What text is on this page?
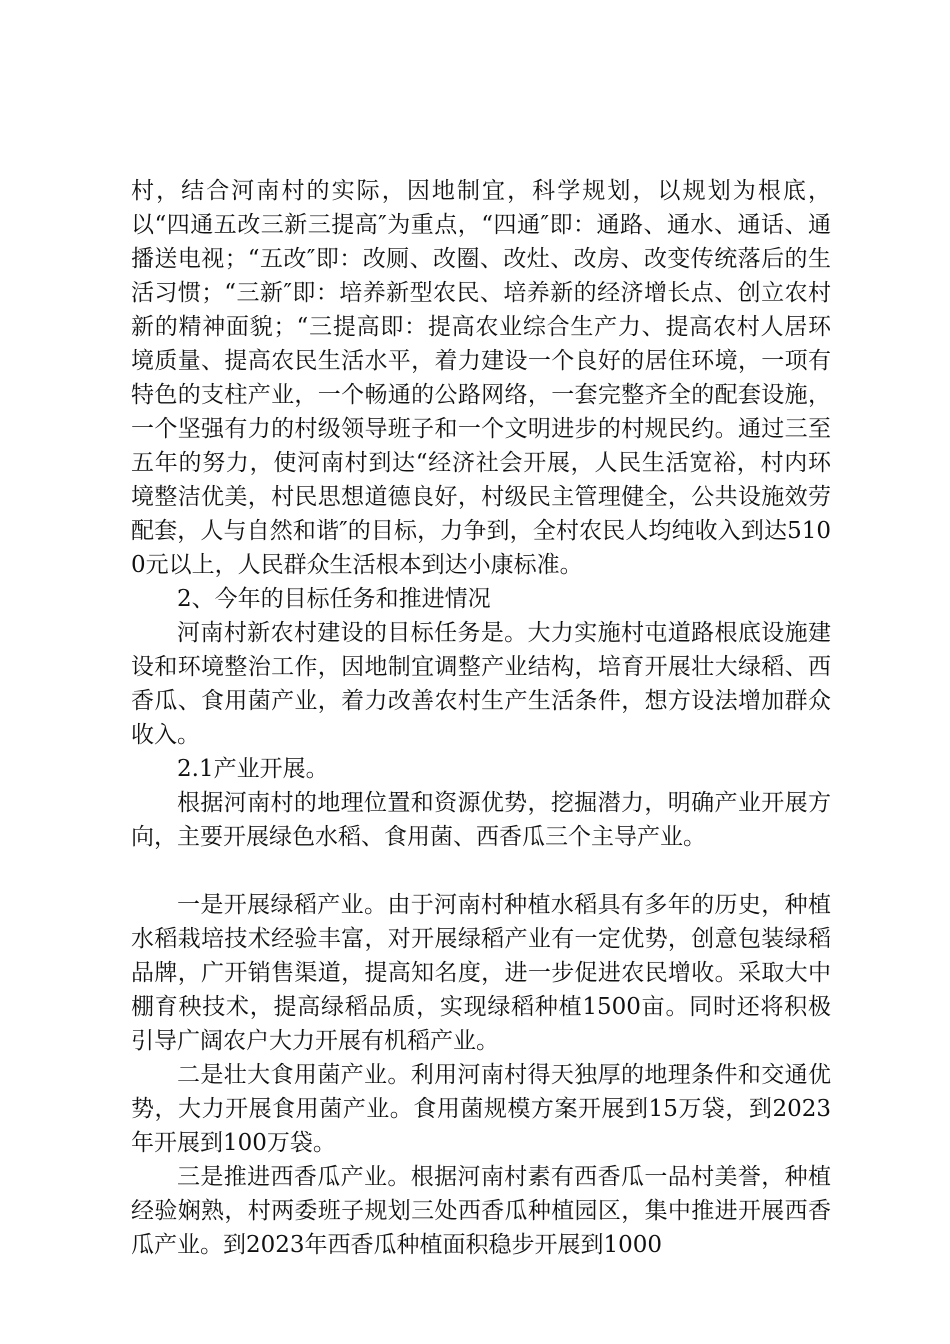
村，结合河南村的实际，因地制宜，科学规划，以规划为根底，以“四通五改三新三提高″为重点，“四通″即：通路、通水、通话、通播送电视；“五改″即：改厕、改圈、改灶、改房、改变传统落后的生活习惯；“三新″即：培养新型农民、培养新的经济增长点、创立农村新的精神面貌；“三提高即：提高农业综合生产力、提高农村人居环境质量、提高农民生活水平，着力建设一个良好的居住环境，一项有特色的支柱产业，一个畅通的公路网络，一套完整齐全的配套设施，一个坚强有力的村级领导班子和一个文明进步的村规民约。通过三至五年的努力，使河南村到达“经济社会开展，人民生活宽裕，村内环境整洁优美，村民思想道德良好，村级民主管理健全，公共设施效劳配套，人与自然和谐″的目标，力争到，全村农民人均纯收入到达5100元以上，人民群众生活根本到达小康标准。

2、今年的目标任务和推进情况

河南村新农村建设的目标任务是。大力实施村屯道路根底设施建设和环境整治工作，因地制宜调整产业结构，培育开展壮大绿稻、西香瓜、食用菌产业，着力改善农村生产生活条件，想方设法增加群众收入。

2.1产业开展。

根据河南村的地理位置和资源优势，挖掘潜力，明确产业开展方向，主要开展绿色水稻、食用菌、西香瓜三个主导产业。

一是开展绿稻产业。由于河南村种植水稻具有多年的历史，种植水稻栽培技术经验丰富，对开展绿稻产业有一定优势，创意包装绿稻品牌，广开销售渠道，提高知名度，进一步促进农民增收。采取大中棚育秧技术，提高绿稻品质，实现绿稻种植1500亩。同时还将积极引导广阔农户大力开展有机稻产业。

二是壮大食用菌产业。利用河南村得天独厚的地理条件和交通优势，大力开展食用菌产业。食用菌规模方案开展到15万袋，到2023年开展到100万袋。

三是推进西香瓜产业。根据河南村素有西香瓜一品村美誉，种植经验娴熟，村两委班子规划三处西香瓜种植园区，集中推进开展西香瓜产业。到2023年西香瓜种植面积稳步开展到1000
